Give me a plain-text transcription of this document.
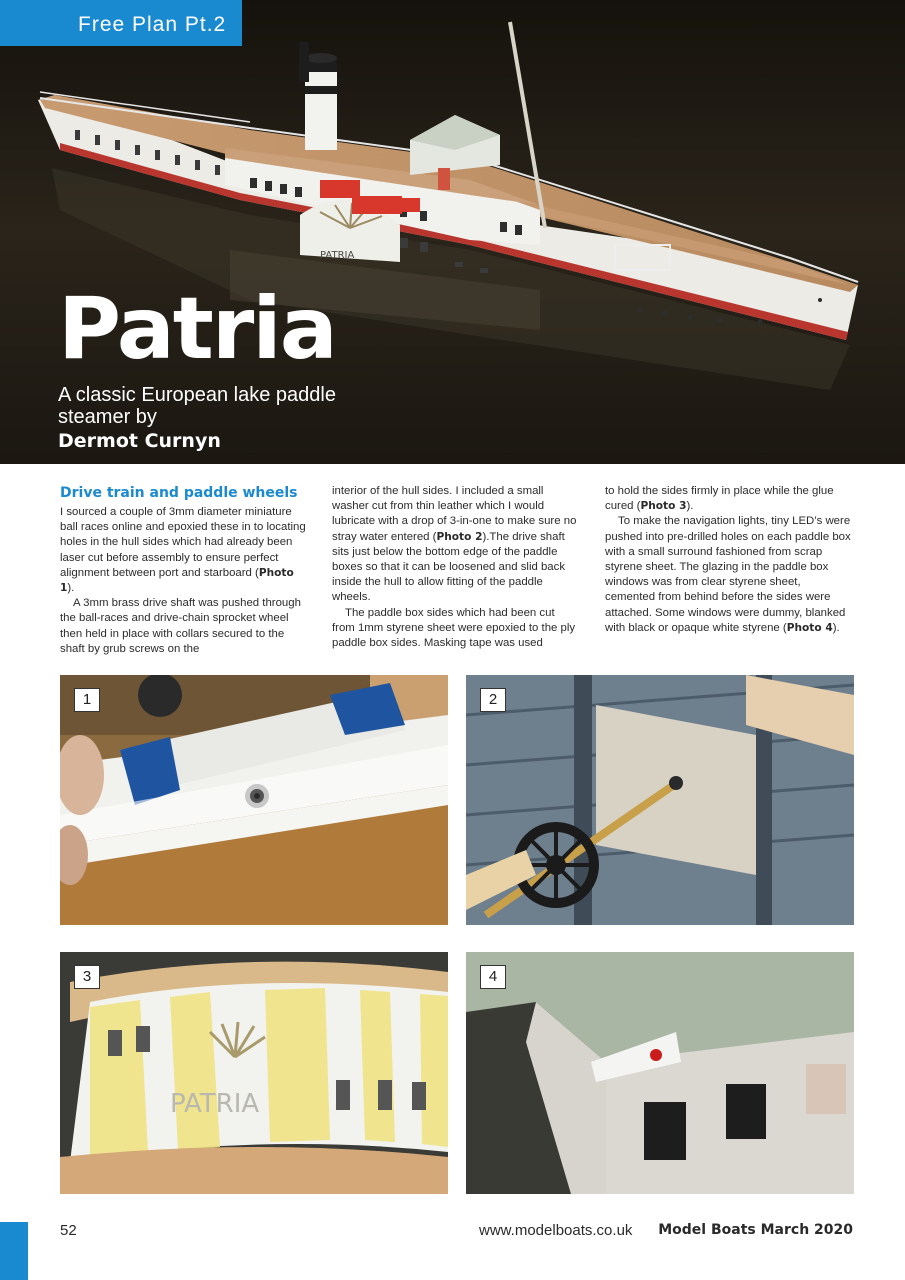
PATRIA
Free Plan Pt.2
Patria
A classic European lake paddle steamer by
Dermot Curnyn
Drive train and paddle wheels

I sourced a couple of 3mm diameter miniature ball races online and epoxied these in to locating holes in the hull sides which had already been laser cut before assembly to ensure perfect alignment between port and starboard (Photo 1).

A 3mm brass drive shaft was pushed through the ball-races and drive-chain sprocket wheel then held in place with collars secured to the shaft by grub screws on the

interior of the hull sides. I included a small washer cut from thin leather which I would lubricate with a drop of 3-in-one to make sure no stray water entered (Photo 2).The drive shaft sits just below the bottom edge of the paddle boxes so that it can be loosened and slid back inside the hull to allow fitting of the paddle wheels.

The paddle box sides which had been cut from 1mm styrene sheet were epoxied to the ply paddle box sides. Masking tape was used

to hold the sides firmly in place while the glue cured (Photo 3).

To make the navigation lights, tiny LED’s were pushed into pre-drilled holes on each paddle box with a small surround fashioned from scrap styrene sheet. The glazing in the paddle box windows was from clear styrene sheet, cemented from behind before the sides were attached. Some windows were dummy, blanked with black or opaque white styrene (Photo 4).

1	2
PATRIA
3	4
52	www.modelboats.co.uk Model Boats March 2020
